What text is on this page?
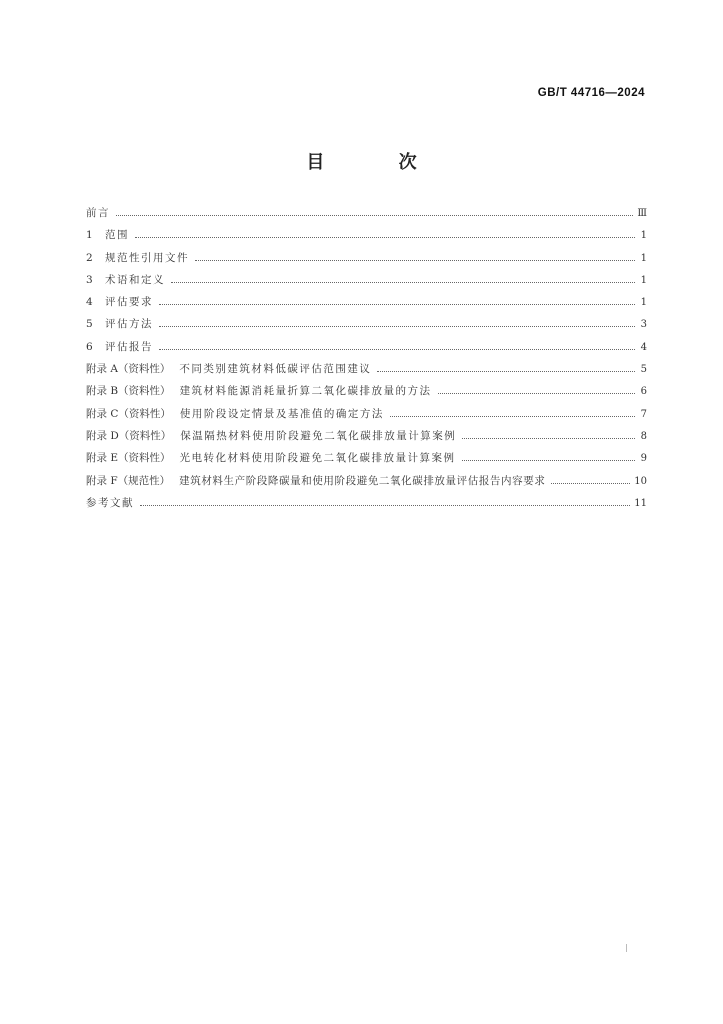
GB/T 44716—2024
目 次
前言	Ⅲ
1	范围	1
2	规范性引用文件	1
3	术语和定义	1
4	评估要求	1
5	评估方法	3
6	评估报告	4
附录 A（资料性） 不同类别建筑材料低碳评估范围建议	5
附录 B（资料性） 建筑材料能源消耗量折算二氧化碳排放量的方法	6
附录 C（资料性） 使用阶段设定情景及基准值的确定方法	7
附录 D（资料性） 保温隔热材料使用阶段避免二氧化碳排放量计算案例	8
附录 E（资料性） 光电转化材料使用阶段避免二氧化碳排放量计算案例	9
附录 F（规范性） 建筑材料生产阶段降碳量和使用阶段避免二氧化碳排放量评估报告内容要求	10
参考文献	11
